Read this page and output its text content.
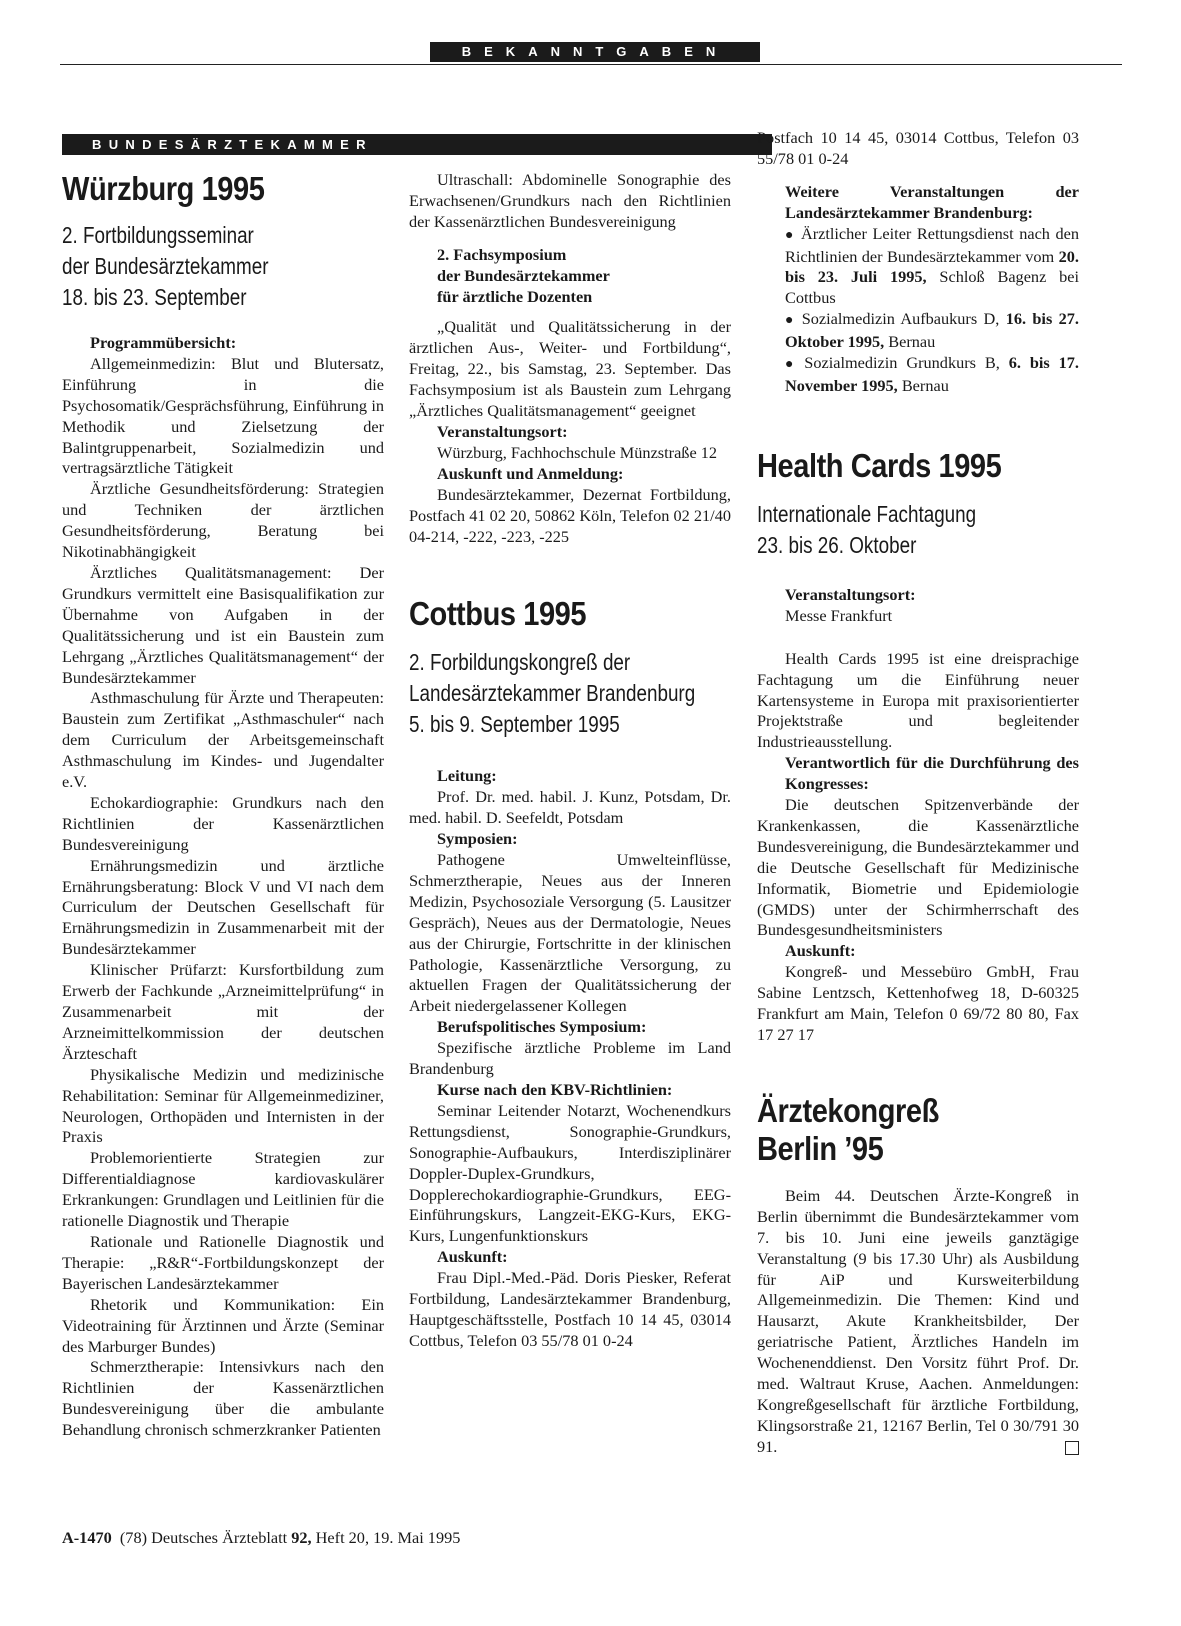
BEKANNTGABEN
BUNDESÄRZTEKAMMER
Würzburg 1995

2. Fortbildungsseminar

der Bundesärztekammer

18. bis 23. September

Programmübersicht:

Allgemeinmedizin: Blut und Blutersatz, Einführung in die Psychosomatik/Gesprächsführung, Einführung in Methodik und Zielsetzung der Balintgruppenarbeit, Sozialmedizin und vertragsärztliche Tätigkeit

Ärztliche Gesundheitsförderung: Strategien und Techniken der ärztlichen Gesundheitsförderung, Beratung bei Nikotinabhängigkeit

Ärztliches Qualitätsmanagement: Der Grundkurs vermittelt eine Basisqualifikation zur Übernahme von Aufgaben in der Qualitätssicherung und ist ein Baustein zum Lehrgang „Ärztliches Qualitätsmanagement“ der Bundesärztekammer

Asthmaschulung für Ärzte und Therapeuten: Baustein zum Zertifikat „Asthmaschuler“ nach dem Curriculum der Arbeitsgemeinschaft Asthmaschulung im Kindes- und Jugendalter e.V.

Echokardiographie: Grundkurs nach den Richtlinien der Kassenärztlichen Bundesvereinigung

Ernährungsmedizin und ärztliche Ernährungsberatung: Block V und VI nach dem Curriculum der Deutschen Gesellschaft für Ernährungsmedizin in Zusammenarbeit mit der Bundesärztekammer

Klinischer Prüfarzt: Kursfortbildung zum Erwerb der Fachkunde „Arzneimittelprüfung“ in Zusammenarbeit mit der Arzneimittelkommission der deutschen Ärzteschaft

Physikalische Medizin und medizinische Rehabilitation: Seminar für Allgemeinmediziner, Neurologen, Orthopäden und Internisten in der Praxis

Problemorientierte Strategien zur Differentialdiagnose kardiovaskulärer Erkrankungen: Grundlagen und Leitlinien für die rationelle Diagnostik und Therapie

Rationale und Rationelle Diagnostik und Therapie: „R&R“-Fortbildungskonzept der Bayerischen Landesärztekammer

Rhetorik und Kommunikation: Ein Videotraining für Ärztinnen und Ärzte (Seminar des Marburger Bundes)

Schmerztherapie: Intensivkurs nach den Richtlinien der Kassenärztlichen Bundesvereinigung über die ambulante Behandlung chronisch schmerzkranker Patienten

Ultraschall: Abdominelle Sonographie des Erwachsenen/Grundkurs nach den Richtlinien der Kassenärztlichen Bundesvereinigung

2. Fachsymposium

der Bundesärztekammer

für ärztliche Dozenten

„Qualität und Qualitätssicherung in der ärztlichen Aus-, Weiter- und Fortbildung“, Freitag, 22., bis Samstag, 23. September. Das Fachsymposium ist als Baustein zum Lehrgang „Ärztliches Qualitätsmanagement“ geeignet

Veranstaltungsort:

Würzburg, Fachhochschule Münzstraße 12

Auskunft und Anmeldung:

Bundesärztekammer, Dezernat Fortbildung, Postfach 41 02 20, 50862 Köln, Telefon 02 21/40 04-214, -222, -223, -225

Cottbus 1995

2. Forbildungskongreß der

Landesärztekammer Brandenburg

5. bis 9. September 1995

Leitung:

Prof. Dr. med. habil. J. Kunz, Potsdam, Dr. med. habil. D. Seefeldt, Potsdam

Symposien:

Pathogene Umwelteinflüsse, Schmerztherapie, Neues aus der Inneren Medizin, Psychosoziale Versorgung (5. Lausitzer Gespräch), Neues aus der Dermatologie, Neues aus der Chirurgie, Fortschritte in der klinischen Pathologie, Kassenärztliche Versorgung, zu aktuellen Fragen der Qualitätssicherung der Arbeit niedergelassener Kollegen

Berufspolitisches Symposium:

Spezifische ärztliche Probleme im Land Brandenburg

Kurse nach den KBV-Richtlinien:

Seminar Leitender Notarzt, Wochenendkurs Rettungsdienst, Sonographie-Grundkurs, Sonographie-Aufbaukurs, Interdisziplinärer Doppler-Duplex-Grundkurs, Dopplerechokardiographie-Grundkurs, EEG-Einführungskurs, Langzeit-EKG-Kurs, EKG-Kurs, Lungenfunktionskurs

Auskunft:

Frau Dipl.-Med.-Päd. Doris Piesker, Referat Fortbildung, Landesärztekammer Brandenburg, Hauptgeschäftsstelle, Postfach 10 14 45, 03014 Cottbus, Telefon 03 55/78 01 0-24

Postfach 10 14 45, 03014 Cottbus, Telefon 03 55/78 01 0-24

Weitere Veranstaltungen der Landesärztekammer Brandenburg:

● Ärztlicher Leiter Rettungsdienst nach den Richtlinien der Bundesärztekammer vom 20. bis 23. Juli 1995, Schloß Bagenz bei Cottbus

● Sozialmedizin Aufbaukurs D, 16. bis 27. Oktober 1995, Bernau

● Sozialmedizin Grundkurs B, 6. bis 17. November 1995, Bernau

Health Cards 1995

Internationale Fachtagung

23. bis 26. Oktober

Veranstaltungsort:

Messe Frankfurt

Health Cards 1995 ist eine dreisprachige Fachtagung um die Einführung neuer Kartensysteme in Europa mit praxisorientierter Projektstraße und begleitender Industrieausstellung.

Verantwortlich für die Durchführung des Kongresses:

Die deutschen Spitzenverbände der Krankenkassen, die Kassenärztliche Bundesvereinigung, die Bundesärztekammer und die Deutsche Gesellschaft für Medizinische Informatik, Biometrie und Epidemiologie (GMDS) unter der Schirmherrschaft des Bundesgesundheitsministers

Auskunft:

Kongreß- und Messebüro GmbH, Frau Sabine Lentzsch, Kettenhofweg 18, D-60325 Frankfurt am Main, Telefon 0 69/72 80 80, Fax 17 27 17

Ärztekongreß
Berlin ’95

Beim 44. Deutschen Ärzte-Kongreß in Berlin übernimmt die Bundesärztekammer vom 7. bis 10. Juni eine jeweils ganztägige Veranstaltung (9 bis 17.30 Uhr) als Ausbildung für AiP und Kursweiterbildung Allgemeinmedizin. Die Themen: Kind und Hausarzt, Akute Krankheitsbilder, Der geriatrische Patient, Ärztliches Handeln im Wochenenddienst. Den Vorsitz führt Prof. Dr. med. Waltraut Kruse, Aachen. Anmeldungen: Kongreßgesellschaft für ärztliche Fortbildung, Klingsorstraße 21, 12167 Berlin, Tel 0 30/791 30 91.

A-1470 (78) Deutsches Ärzteblatt 92, Heft 20, 19. Mai 1995
